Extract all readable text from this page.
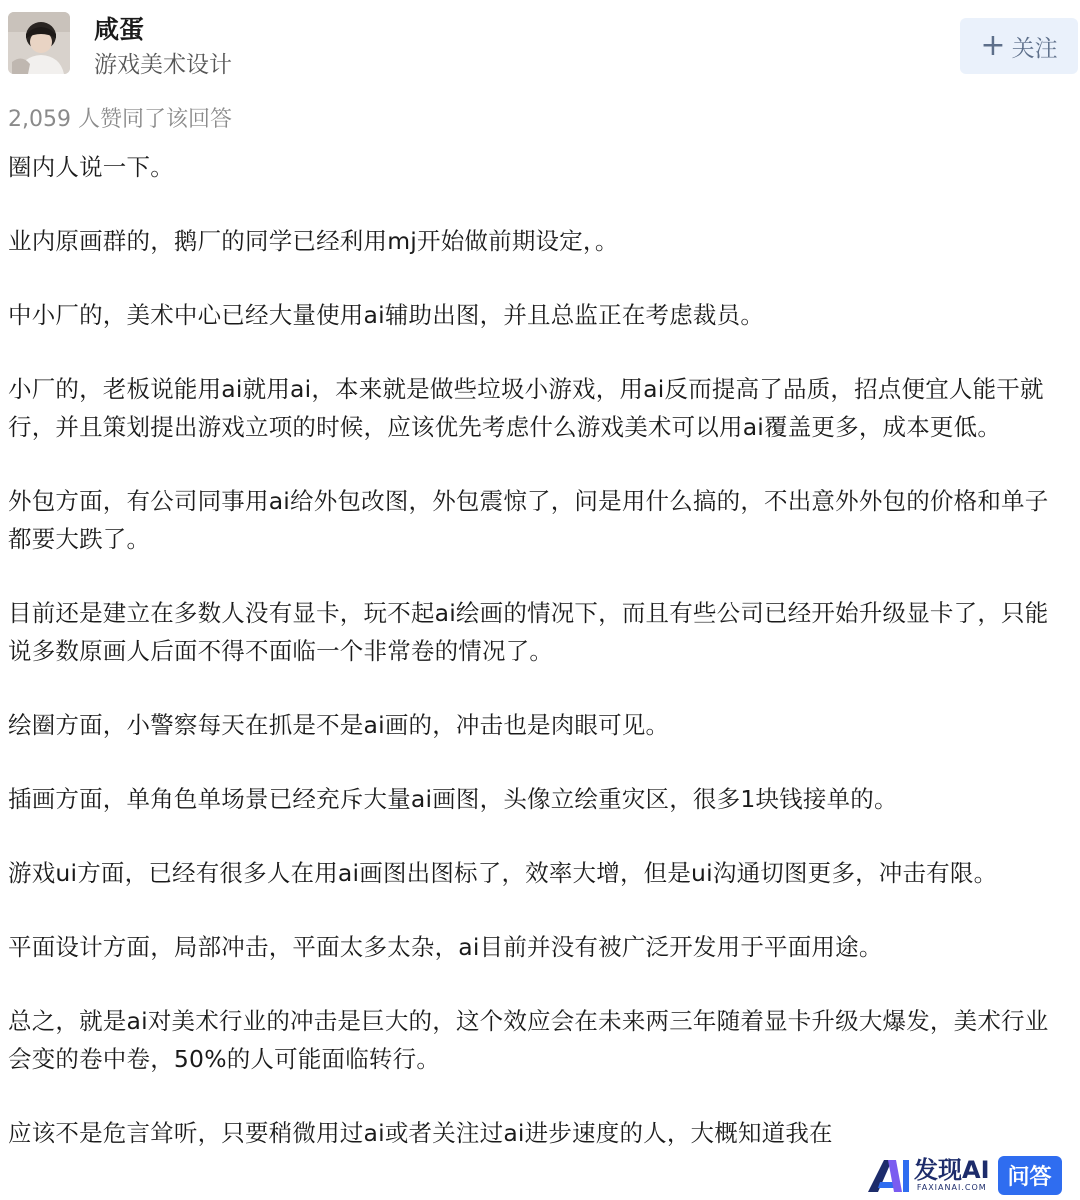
咸蛋
游戏美术设计
+ 关注
2,059 人赞同了该回答

圈内人说一下。

业内原画群的，鹅厂的同学已经利用mj开始做前期设定，。

中小厂的，美术中心已经大量使用ai辅助出图，并且总监正在考虑裁员。

小厂的，老板说能用ai就用ai，本来就是做些垃圾小游戏，用ai反而提高了品质，招点便宜人能干就行，并且策划提出游戏立项的时候，应该优先考虑什么游戏美术可以用ai覆盖更多，成本更低。

外包方面，有公司同事用ai给外包改图，外包震惊了，问是用什么搞的，不出意外外包的价格和单子都要大跌了。

目前还是建立在多数人没有显卡，玩不起ai绘画的情况下，而且有些公司已经开始升级显卡了，只能说多数原画人后面不得不面临一个非常卷的情况了。

绘圈方面，小警察每天在抓是不是ai画的，冲击也是肉眼可见。

插画方面，单角色单场景已经充斥大量ai画图，头像立绘重灾区，很多1块钱接单的。

游戏ui方面，已经有很多人在用ai画图出图标了，效率大增，但是ui沟通切图更多，冲击有限。

平面设计方面，局部冲击，平面太多太杂，ai目前并没有被广泛开发用于平面用途。

总之，就是ai对美术行业的冲击是巨大的，这个效应会在未来两三年随着显卡升级大爆发，美术行业会变的卷中卷，50%的人可能面临转行。

应该不是危言耸听，只要稍微用过ai或者关注过ai进步速度的人，大概知道我在

发现AI
FAXIANAI.COM 问答
